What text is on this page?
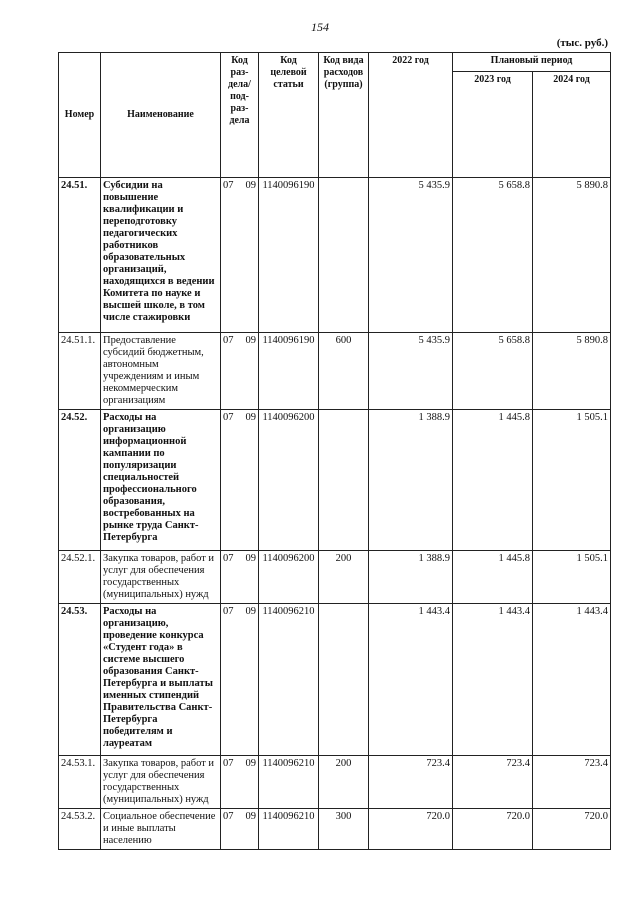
154
(тыс. руб.)
Номер	Наименование	Код раз-дела/ под-раз-дела	Код целевой статьи	Код вида расходов (группа)	2022 год	Плановый период	
						2023 год	2024 год
24.51.	Субсидии на повышение квалификации и переподготовку педагогических работников образовательных организаций, находящихся в ведении Комитета по науке и высшей школе, в том числе стажировки	07 09	1140096190		5 435.9	5 658.8	5 890.8
24.51.1.	Предоставление субсидий бюджетным, автономным учреждениям и иным некоммерческим организациям	07 09	1140096190	600	5 435.9	5 658.8	5 890.8
24.52.	Расходы на организацию информационной кампании по популяризации специальностей профессионального образования, востребованных на рынке труда Санкт-Петербурга	07 09	1140096200		1 388.9	1 445.8	1 505.1
24.52.1.	Закупка товаров, работ и услуг для обеспечения государственных (муниципальных) нужд	07 09	1140096200	200	1 388.9	1 445.8	1 505.1
24.53.	Расходы на организацию, проведение конкурса «Студент года» в системе высшего образования Санкт-Петербурга и выплаты именных стипендий Правительства Санкт-Петербурга победителям и лауреатам	07 09	1140096210		1 443.4	1 443.4	1 443.4
24.53.1.	Закупка товаров, работ и услуг для обеспечения государственных (муниципальных) нужд	07 09	1140096210	200	723.4	723.4	723.4
24.53.2.	Социальное обеспечение и иные выплаты населению	07 09	1140096210	300	720.0	720.0	720.0
